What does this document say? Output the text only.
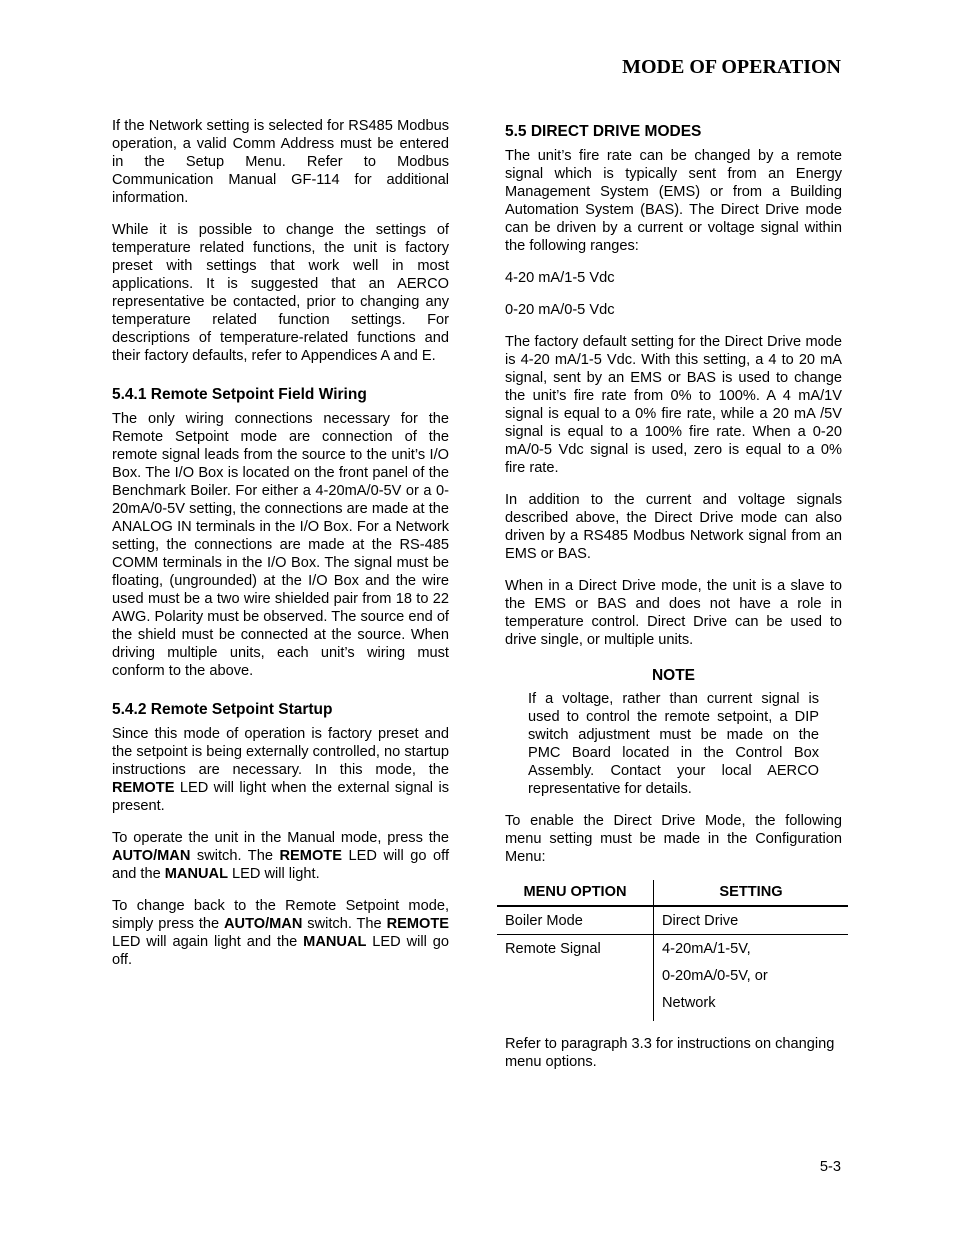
MODE OF OPERATION

If the Network setting is selected for RS485 Modbus operation, a valid Comm Address must be entered in the Setup Menu. Refer to Modbus Communication Manual GF-114 for additional information.

While it is possible to change the settings of temperature related functions, the unit is factory preset with settings that work well in most applications. It is suggested that an AERCO representative be contacted, prior to changing any temperature related function settings. For descriptions of temperature-related functions and their factory defaults, refer to Appendices A and E.

5.4.1 Remote Setpoint Field Wiring

The only wiring connections necessary for the Remote Setpoint mode are connection of the remote signal leads from the source to the unit’s I/O Box. The I/O Box is located on the front panel of the Benchmark Boiler. For either a 4-20mA/0-5V or a 0-20mA/0-5V setting, the connections are made at the ANALOG IN terminals in the I/O Box. For a Network setting, the connections are made at the RS-485 COMM terminals in the I/O Box. The signal must be floating, (ungrounded) at the I/O Box and the wire used must be a two wire shielded pair from 18 to 22 AWG. Polarity must be observed. The source end of the shield must be connected at the source. When driving multiple units, each unit’s wiring must conform to the above.

5.4.2 Remote Setpoint Startup

Since this mode of operation is factory preset and the setpoint is being externally controlled, no startup instructions are necessary. In this mode, the REMOTE LED will light when the external signal is present.

To operate the unit in the Manual mode, press the AUTO/MAN switch. The REMOTE LED will go off and the MANUAL LED will light.

To change back to the Remote Setpoint mode, simply press the AUTO/MAN switch. The REMOTE LED will again light and the MANUAL LED will go off.

5.5 DIRECT DRIVE MODES

The unit’s fire rate can be changed by a remote signal which is typically sent from an Energy Management System (EMS) or from a Building Automation System (BAS). The Direct Drive mode can be driven by a current or voltage signal within the following ranges:

4-20 mA/1-5 Vdc

0-20 mA/0-5 Vdc

The factory default setting for the Direct Drive mode is 4-20 mA/1-5 Vdc. With this setting, a 4 to 20 mA signal, sent by an EMS or BAS is used to change the unit’s fire rate from 0% to 100%. A 4 mA/1V signal is equal to a 0% fire rate, while a 20 mA /5V signal is equal to a 100% fire rate. When a 0-20 mA/0-5 Vdc signal is used, zero is equal to a 0% fire rate.

In addition to the current and voltage signals described above, the Direct Drive mode can also driven by a RS485 Modbus Network signal from an EMS or BAS.

When in a Direct Drive mode, the unit is a slave to the EMS or BAS and does not have a role in temperature control. Direct Drive can be used to drive single, or multiple units.

NOTE
If a voltage, rather than current signal is used to control the remote setpoint, a DIP switch adjustment must be made on the PMC Board located in the Control Box Assembly. Contact your local AERCO representative for details.

To enable the Direct Drive Mode, the following menu setting must be made in the Configuration Menu:

MENU OPTION	SETTING
Boiler Mode	Direct Drive
Remote Signal	4-20mA/1-5V,
0-20mA/0-5V, or
Network

Refer to paragraph 3.3 for instructions on changing menu options.

5-3
